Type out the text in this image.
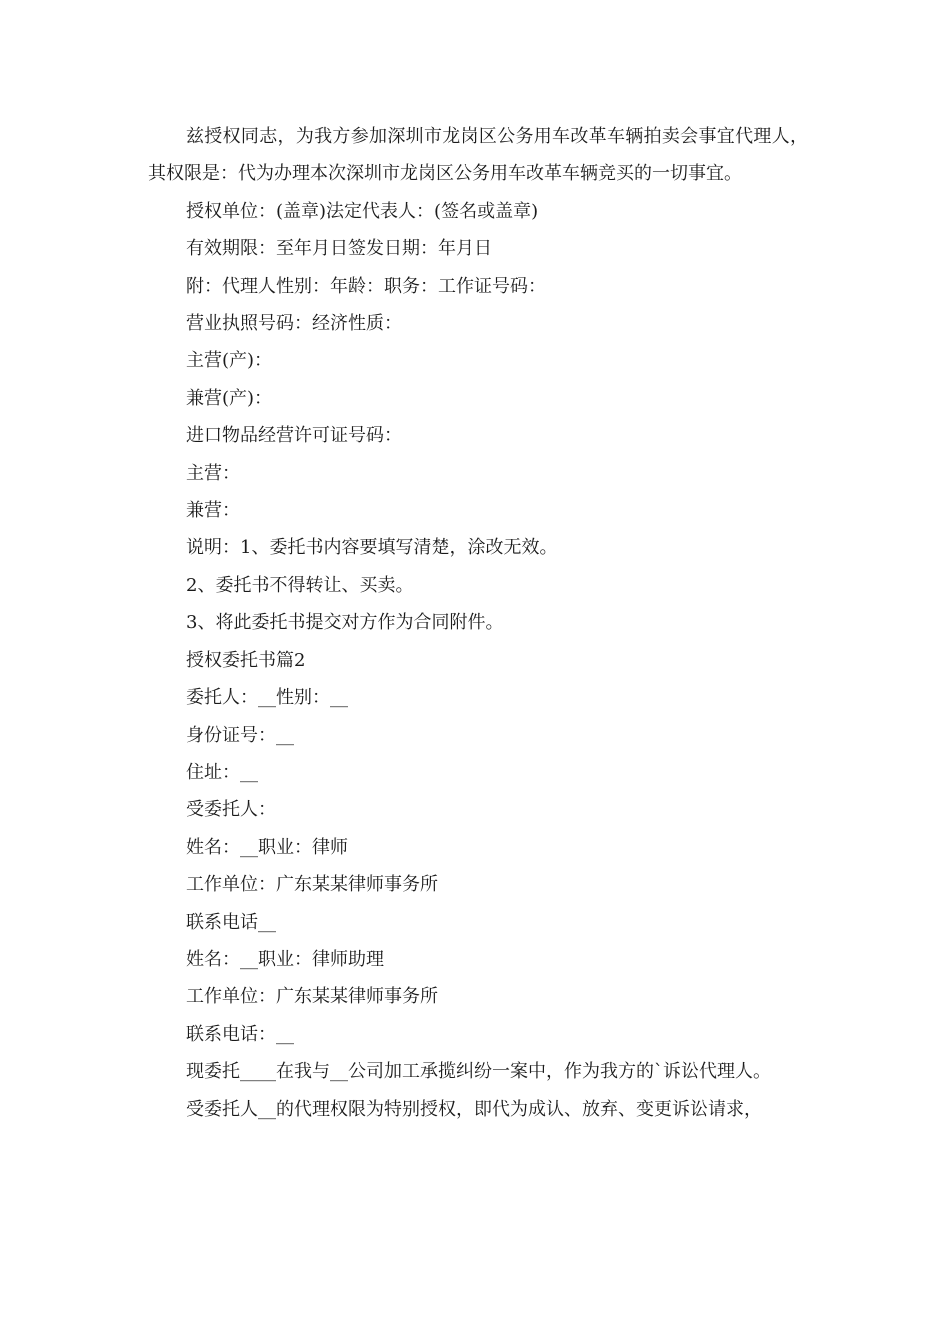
兹授权同志，为我方参加深圳市龙岗区公务用车改革车辆拍卖会事宜代理人，其权限是：代为办理本次深圳市龙岗区公务用车改革车辆竞买的一切事宜。

授权单位：(盖章)法定代表人：(签名或盖章)

有效期限：至年月日签发日期：年月日

附：代理人性别：年龄：职务：工作证号码：

营业执照号码：经济性质：

主营(产)：

兼营(产)：

进口物品经营许可证号码：

主营：

兼营：

说明：1、委托书内容要填写清楚，涂改无效。

2、委托书不得转让、买卖。

3、将此委托书提交对方作为合同附件。

授权委托书篇2

委托人：__性别：__

身份证号：__

住址：__

受委托人：

姓名：__职业：律师

工作单位：广东某某律师事务所

联系电话__

姓名：__职业：律师助理

工作单位：广东某某律师事务所

联系电话：__

现委托____在我与__公司加工承揽纠纷一案中，作为我方的`诉讼代理人。

受委托人__的代理权限为特别授权，即代为成认、放弃、变更诉讼请求，
